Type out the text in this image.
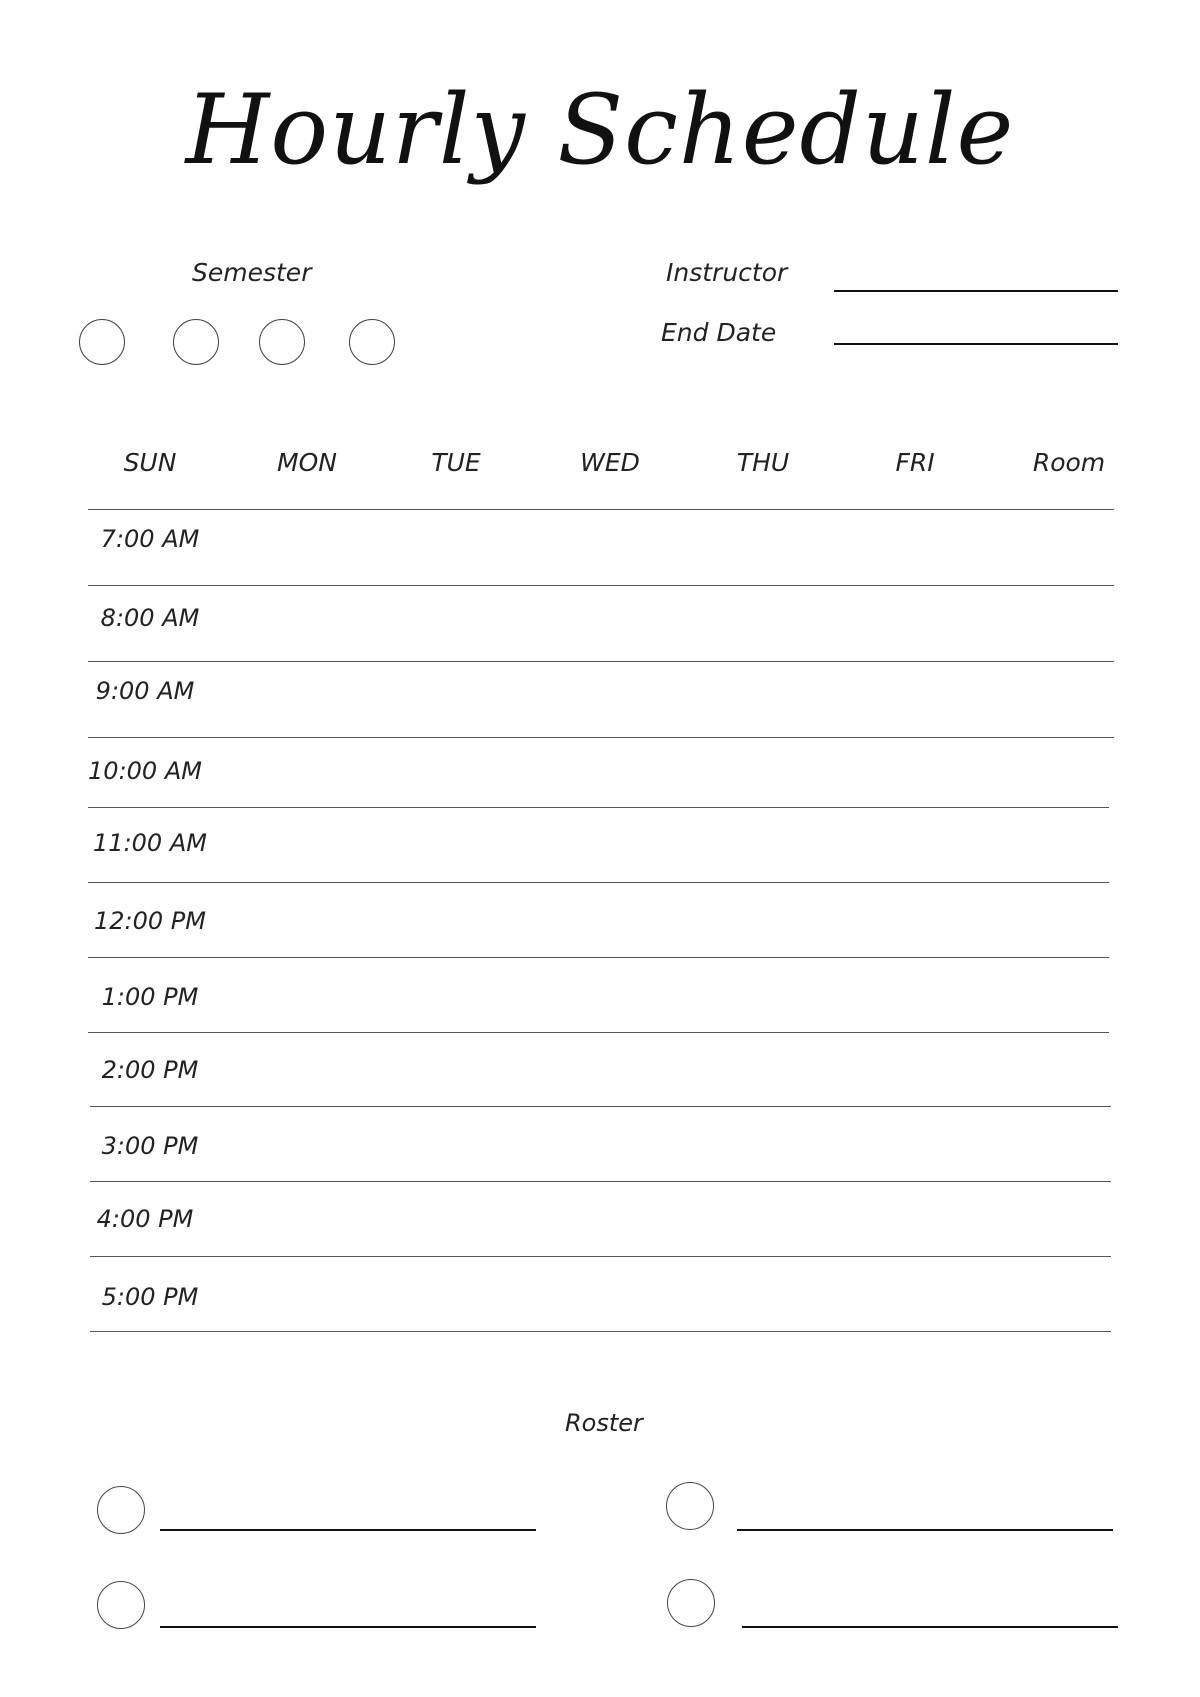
Hourly Schedule
Semester	Instructor
End Date
SUN	MON	TUE	WED	THU	FRI	Room
7:00 AM
8:00 AM
9:00 AM
10:00 AM
11:00 AM
12:00 PM
1:00 PM
2:00 PM
3:00 PM
4:00 PM
5:00 PM
Roster
